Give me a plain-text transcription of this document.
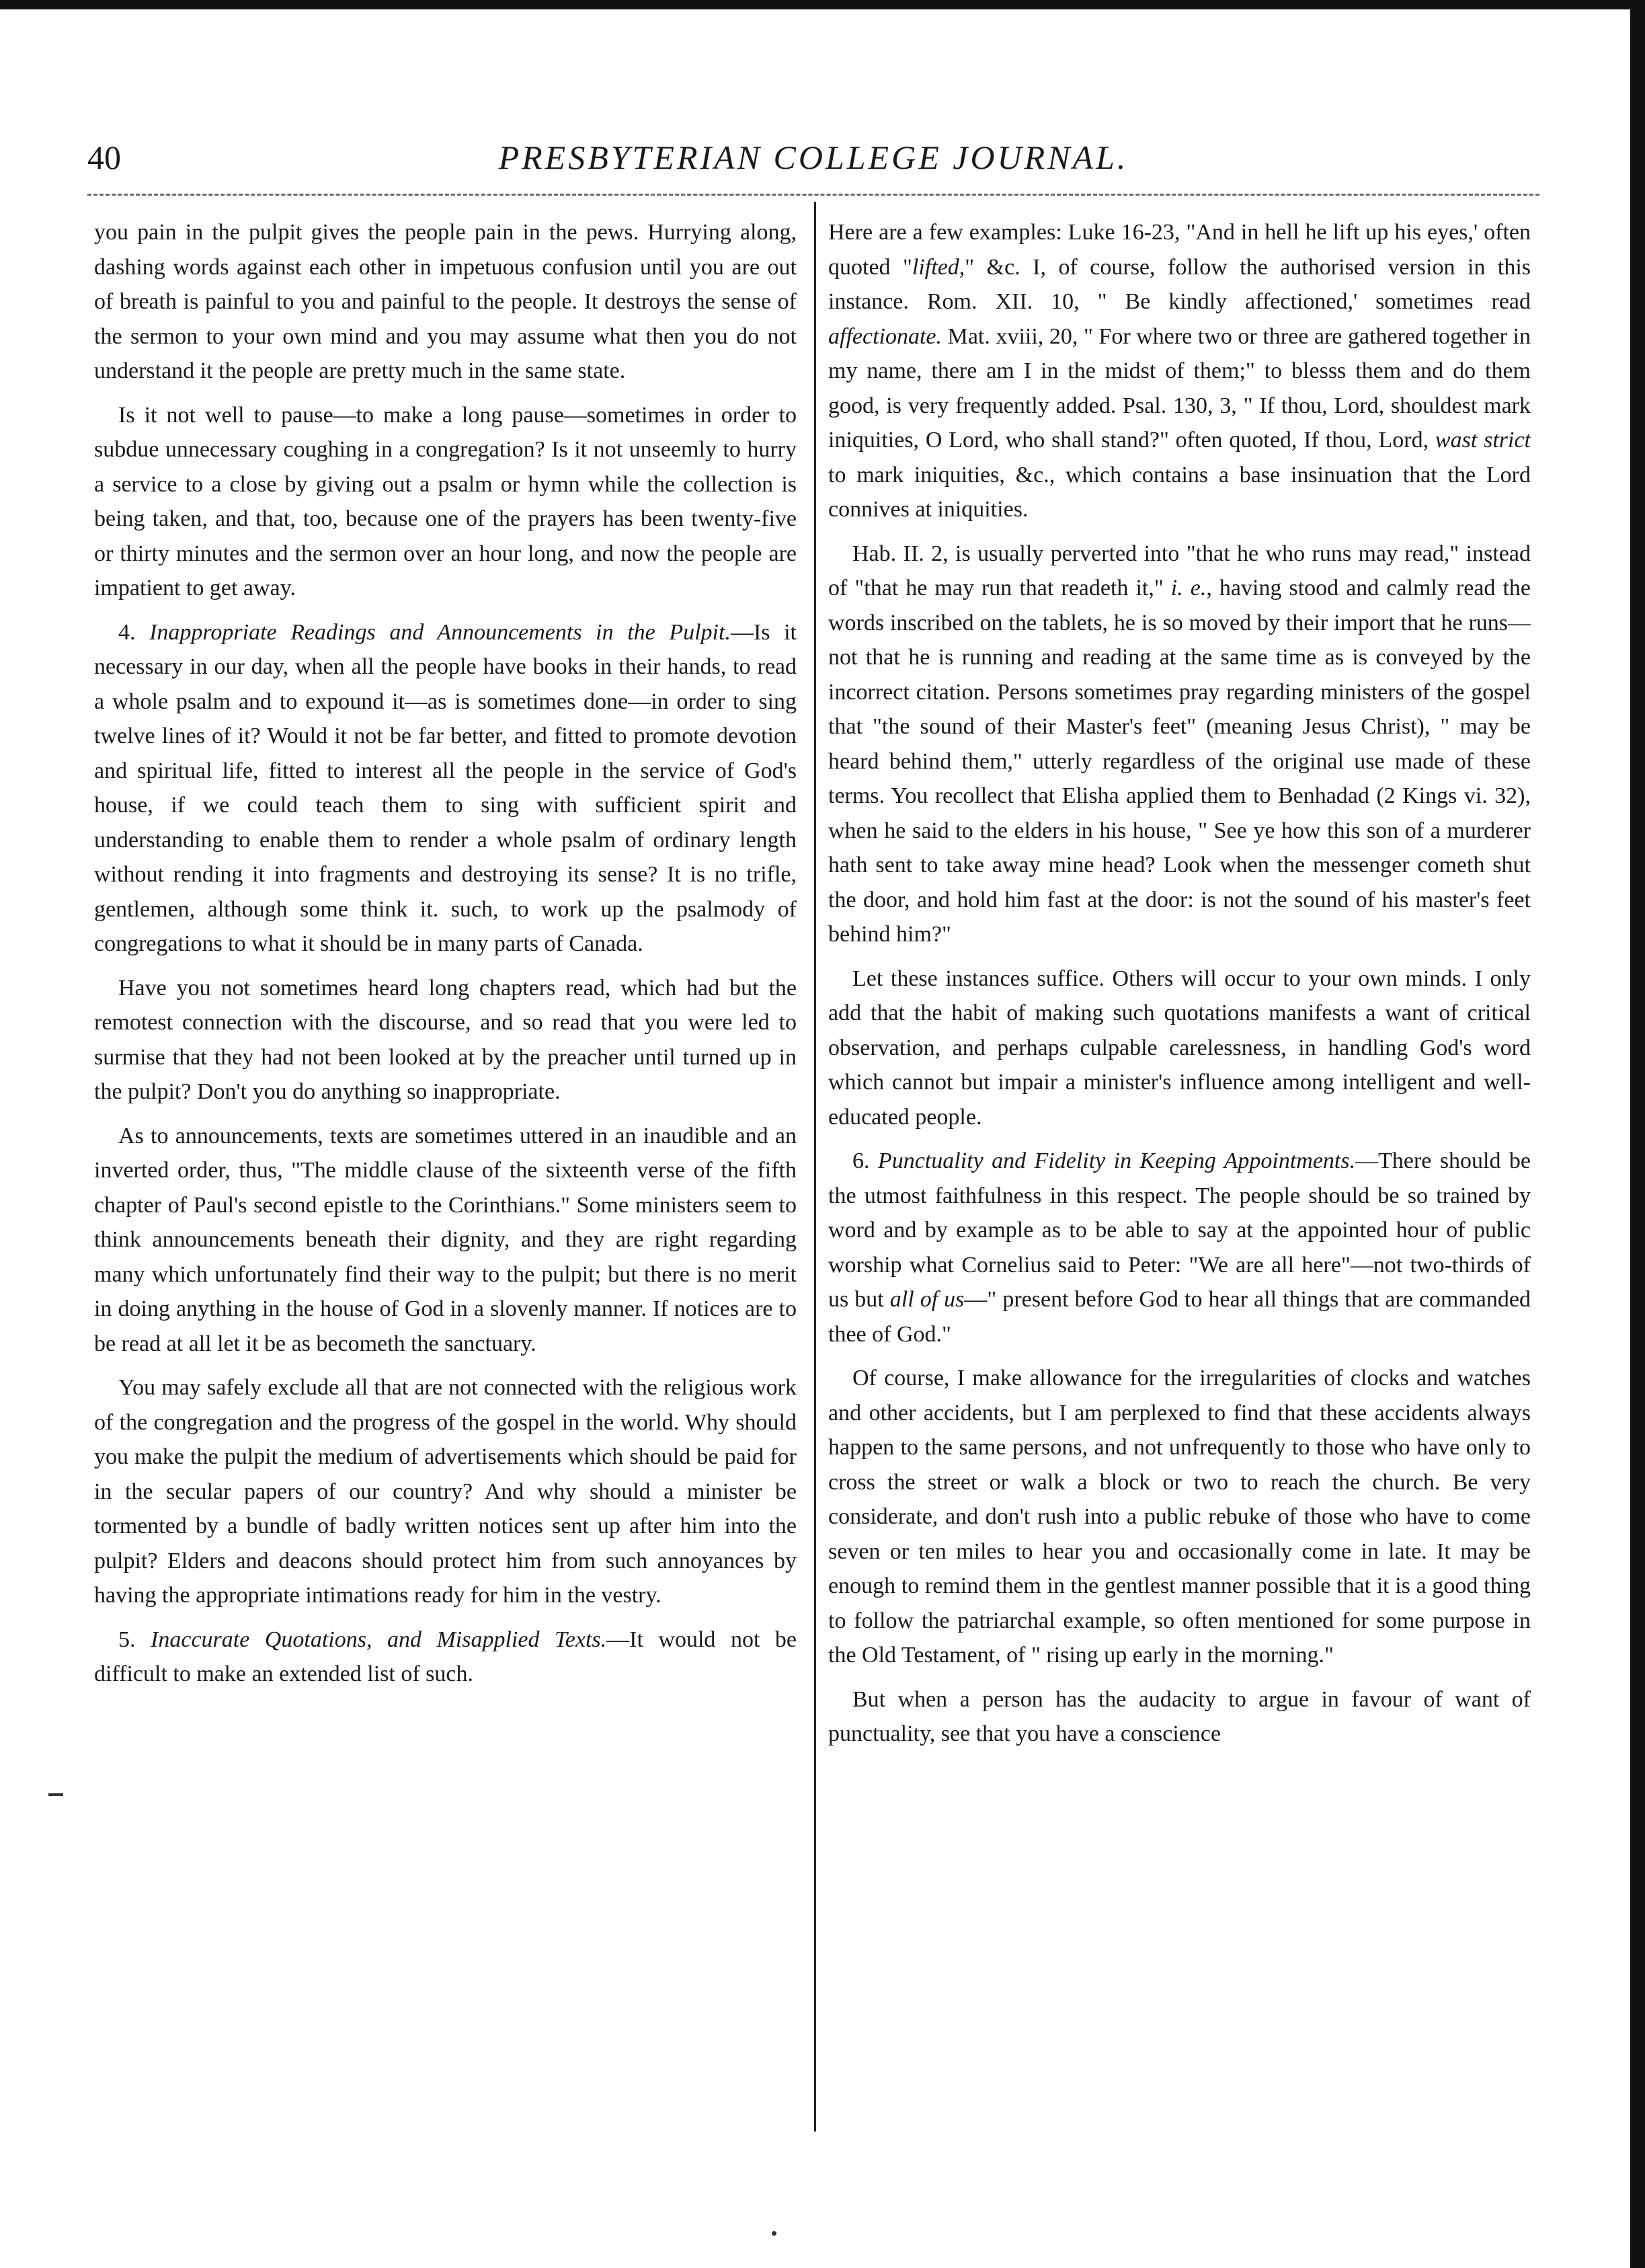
40	PRESBYTERIAN COLLEGE JOURNAL.

you pain in the pulpit gives the people pain in the pews. Hurrying along, dashing words against each other in impetuous confusion until you are out of breath is painful to you and painful to the people. It destroys the sense of the sermon to your own mind and you may assume what then you do not understand it the people are pretty much in the same state.

Is it not well to pause—to make a long pause—sometimes in order to subdue unnecessary coughing in a congregation? Is it not unseemly to hurry a service to a close by giving out a psalm or hymn while the collection is being taken, and that, too, because one of the prayers has been twenty-five or thirty minutes and the sermon over an hour long, and now the people are impatient to get away.

4. Inappropriate Readings and Announcements in the Pulpit.—Is it necessary in our day, when all the people have books in their hands, to read a whole psalm and to expound it—as is sometimes done—in order to sing twelve lines of it? Would it not be far better, and fitted to promote devotion and spiritual life, fitted to interest all the people in the service of God's house, if we could teach them to sing with sufficient spirit and understanding to enable them to render a whole psalm of ordinary length without rending it into fragments and destroying its sense? It is no trifle, gentlemen, although some think it. such, to work up the psalmody of congregations to what it should be in many parts of Canada.

Have you not sometimes heard long chapters read, which had but the remotest connection with the discourse, and so read that you were led to surmise that they had not been looked at by the preacher until turned up in the pulpit? Don't you do anything so inappropriate.

As to announcements, texts are sometimes uttered in an inaudible and an inverted order, thus, "The middle clause of the sixteenth verse of the fifth chapter of Paul's second epistle to the Corinthians." Some ministers seem to think announcements beneath their dignity, and they are right regarding many which unfortunately find their way to the pulpit; but there is no merit in doing anything in the house of God in a slovenly manner. If notices are to be read at all let it be as becometh the sanctuary.

You may safely exclude all that are not connected with the religious work of the congregation and the progress of the gospel in the world. Why should you make the pulpit the medium of advertisements which should be paid for in the secular papers of our country? And why should a minister be tormented by a bundle of badly written notices sent up after him into the pulpit? Elders and deacons should protect him from such annoyances by having the appropriate intimations ready for him in the vestry.

5. Inaccurate Quotations, and Misapplied Texts.—It would not be difficult to make an extended list of such.

Here are a few examples: Luke 16-23, "And in hell he lift up his eyes,' often quoted "lifted," &c. I, of course, follow the authorised version in this instance. Rom. XII. 10, " Be kindly affectioned,' sometimes read affectionate. Mat. xviii, 20, " For where two or three are gathered together in my name, there am I in the midst of them;" to blesss them and do them good, is very frequently added. Psal. 130, 3, " If thou, Lord, shouldest mark iniquities, O Lord, who shall stand?" often quoted, If thou, Lord, wast strict to mark iniquities, &c., which contains a base insinuation that the Lord connives at iniquities.

Hab. II. 2, is usually perverted into "that he who runs may read," instead of "that he may run that readeth it," i. e., having stood and calmly read the words inscribed on the tablets, he is so moved by their import that he runs—not that he is running and reading at the same time as is conveyed by the incorrect citation. Persons sometimes pray regarding ministers of the gospel that "the sound of their Master's feet" (meaning Jesus Christ), " may be heard behind them," utterly regardless of the original use made of these terms. You recollect that Elisha applied them to Benhadad (2 Kings vi. 32), when he said to the elders in his house, " See ye how this son of a murderer hath sent to take away mine head? Look when the messenger cometh shut the door, and hold him fast at the door: is not the sound of his master's feet behind him?"

Let these instances suffice. Others will occur to your own minds. I only add that the habit of making such quotations manifests a want of critical observation, and perhaps culpable carelessness, in handling God's word which cannot but impair a minister's influence among intelligent and well-educated people.

6. Punctuality and Fidelity in Keeping Appointments.—There should be the utmost faithfulness in this respect. The people should be so trained by word and by example as to be able to say at the appointed hour of public worship what Cornelius said to Peter: "We are all here"—not two-thirds of us but all of us—" present before God to hear all things that are commanded thee of God."

Of course, I make allowance for the irregularities of clocks and watches and other accidents, but I am perplexed to find that these accidents always happen to the same persons, and not unfrequently to those who have only to cross the street or walk a block or two to reach the church. Be very considerate, and don't rush into a public rebuke of those who have to come seven or ten miles to hear you and occasionally come in late. It may be enough to remind them in the gentlest manner possible that it is a good thing to follow the patriarchal example, so often mentioned for some purpose in the Old Testament, of " rising up early in the morning."

But when a person has the audacity to argue in favour of want of punctuality, see that you have a conscience
